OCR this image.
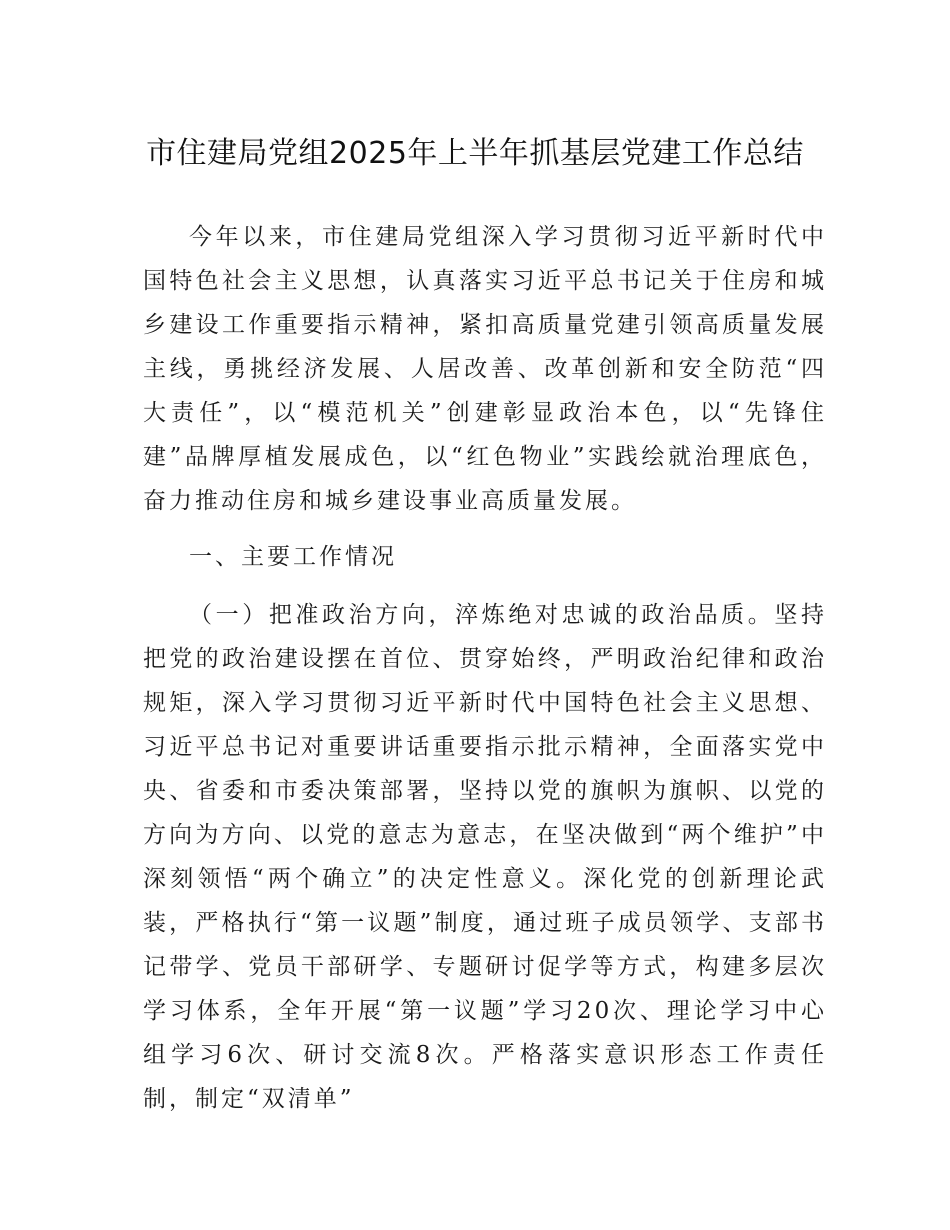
市住建局党组2025年上半年抓基层党建工作总结

今年以来，市住建局党组深入学习贯彻习近平新时代中国特色社会主义思想，认真落实习近平总书记关于住房和城乡建设工作重要指示精神，紧扣高质量党建引领高质量发展主线，勇挑经济发展、人居改善、改革创新和安全防范“四大责任”，以“模范机关”创建彰显政治本色，以“先锋住建”品牌厚植发展成色，以“红色物业”实践绘就治理底色，奋力推动住房和城乡建设事业高质量发展。

一、主要工作情况

（一）把准政治方向，淬炼绝对忠诚的政治品质。坚持把党的政治建设摆在首位、贯穿始终，严明政治纪律和政治规矩，深入学习贯彻习近平新时代中国特色社会主义思想、习近平总书记对重要讲话重要指示批示精神，全面落实党中央、省委和市委决策部署，坚持以党的旗帜为旗帜、以党的方向为方向、以党的意志为意志，在坚决做到“两个维护”中深刻领悟“两个确立”的决定性意义。深化党的创新理论武装，严格执行“第一议题”制度，通过班子成员领学、支部书记带学、党员干部研学、专题研讨促学等方式，构建多层次学习体系，全年开展“第一议题”学习20次、理论学习中心组学习6次、研讨交流8次。严格落实意识形态工作责任制，制定“双清单”
